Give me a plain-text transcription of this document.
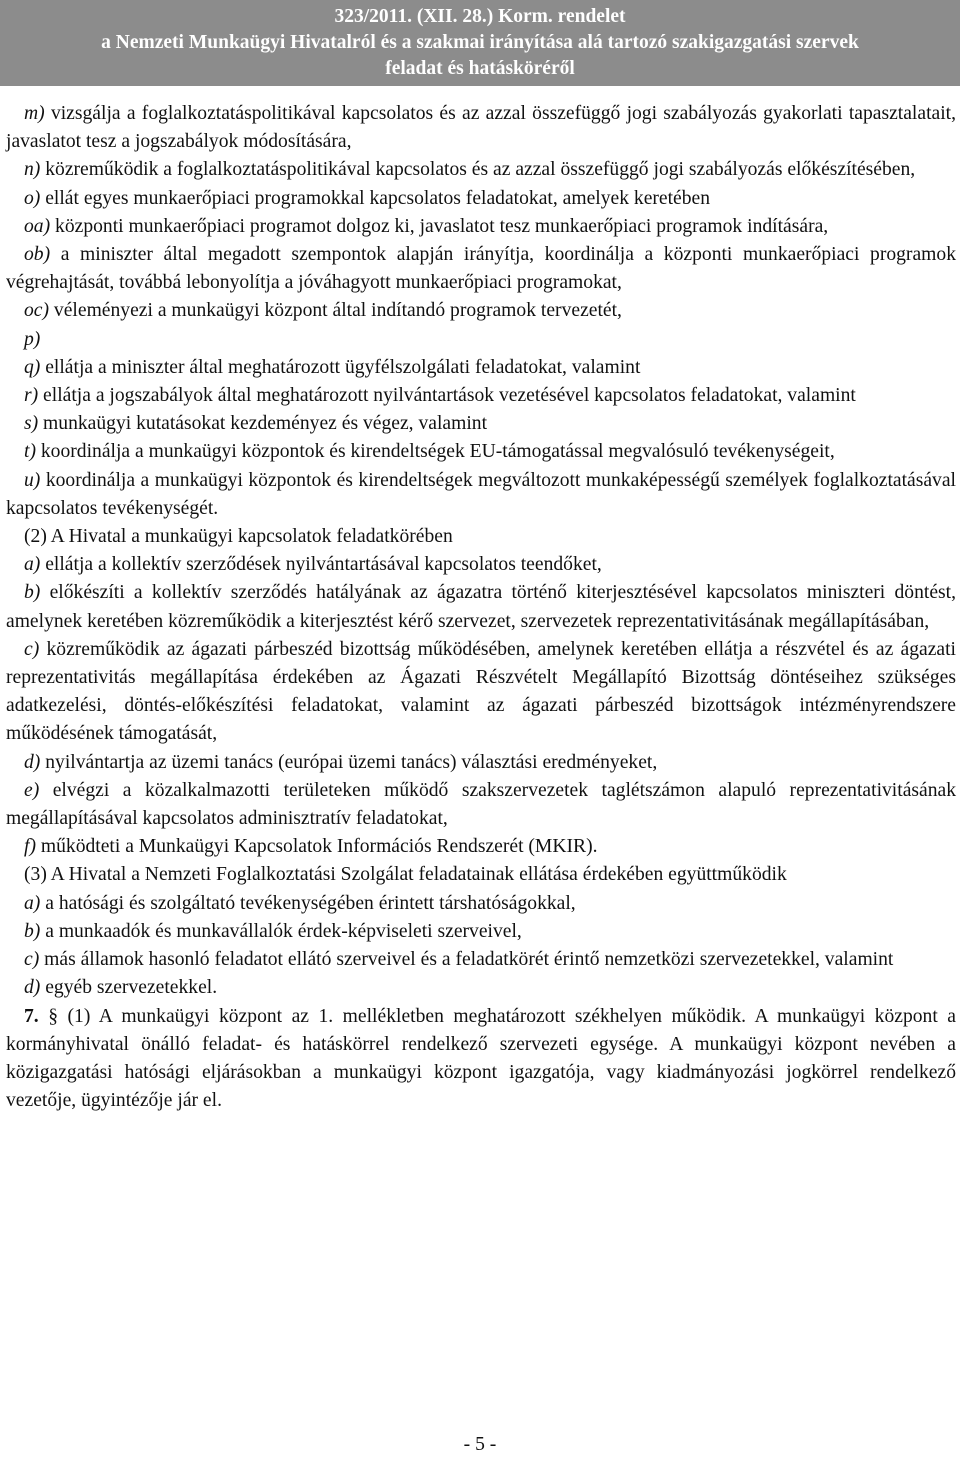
323/2011. (XII. 28.) Korm. rendelet
a Nemzeti Munkaügyi Hivatalról és a szakmai irányítása alá tartozó szakigazgatási szervek
feladat és hatásköréről

m) vizsgálja a foglalkoztatáspolitikával kapcsolatos és az azzal összefüggő jogi szabályozás gyakorlati tapasztalatait, javaslatot tesz a jogszabályok módosítására,

n) közreműködik a foglalkoztatáspolitikával kapcsolatos és az azzal összefüggő jogi szabályozás előkészítésében,

o) ellát egyes munkaerőpiaci programokkal kapcsolatos feladatokat, amelyek keretében

oa) központi munkaerőpiaci programot dolgoz ki, javaslatot tesz munkaerőpiaci programok indítására,

ob) a miniszter által megadott szempontok alapján irányítja, koordinálja a központi munkaerőpiaci programok végrehajtását, továbbá lebonyolítja a jóváhagyott munkaerőpiaci programokat,

oc) véleményezi a munkaügyi központ által indítandó programok tervezetét,

p)

q) ellátja a miniszter által meghatározott ügyfélszolgálati feladatokat, valamint

r) ellátja a jogszabályok által meghatározott nyilvántartások vezetésével kapcsolatos feladatokat, valamint

s) munkaügyi kutatásokat kezdeményez és végez, valamint

t) koordinálja a munkaügyi központok és kirendeltségek EU-támogatással megvalósuló tevékenységeit,

u) koordinálja a munkaügyi központok és kirendeltségek megváltozott munkaképességű személyek foglalkoztatásával kapcsolatos tevékenységét.

(2) A Hivatal a munkaügyi kapcsolatok feladatkörében

a) ellátja a kollektív szerződések nyilvántartásával kapcsolatos teendőket,

b) előkészíti a kollektív szerződés hatályának az ágazatra történő kiterjesztésével kapcsolatos miniszteri döntést, amelynek keretében közreműködik a kiterjesztést kérő szervezet, szervezetek reprezentativitásának megállapításában,

c) közreműködik az ágazati párbeszéd bizottság működésében, amelynek keretében ellátja a részvétel és az ágazati reprezentativitás megállapítása érdekében az Ágazati Részvételt Megállapító Bizottság döntéseihez szükséges adatkezelési, döntés-előkészítési feladatokat, valamint az ágazati párbeszéd bizottságok intézményrendszere működésének támogatását,

d) nyilvántartja az üzemi tanács (európai üzemi tanács) választási eredményeket,

e) elvégzi a közalkalmazotti területeken működő szakszervezetek taglétszámon alapuló reprezentativitásának megállapításával kapcsolatos adminisztratív feladatokat,

f) működteti a Munkaügyi Kapcsolatok Információs Rendszerét (MKIR).

(3) A Hivatal a Nemzeti Foglalkoztatási Szolgálat feladatainak ellátása érdekében együttműködik

a) a hatósági és szolgáltató tevékenységében érintett társhatóságokkal,

b) a munkaadók és munkavállalók érdek-képviseleti szerveivel,

c) más államok hasonló feladatot ellátó szerveivel és a feladatkörét érintő nemzetközi szervezetekkel, valamint

d) egyéb szervezetekkel.

7. § (1) A munkaügyi központ az 1. mellékletben meghatározott székhelyen működik. A munkaügyi központ a kormányhivatal önálló feladat- és hatáskörrel rendelkező szervezeti egysége. A munkaügyi központ nevében a közigazgatási hatósági eljárásokban a munkaügyi központ igazgatója, vagy kiadmányozási jogkörrel rendelkező vezetője, ügyintézője jár el.

- 5 -
